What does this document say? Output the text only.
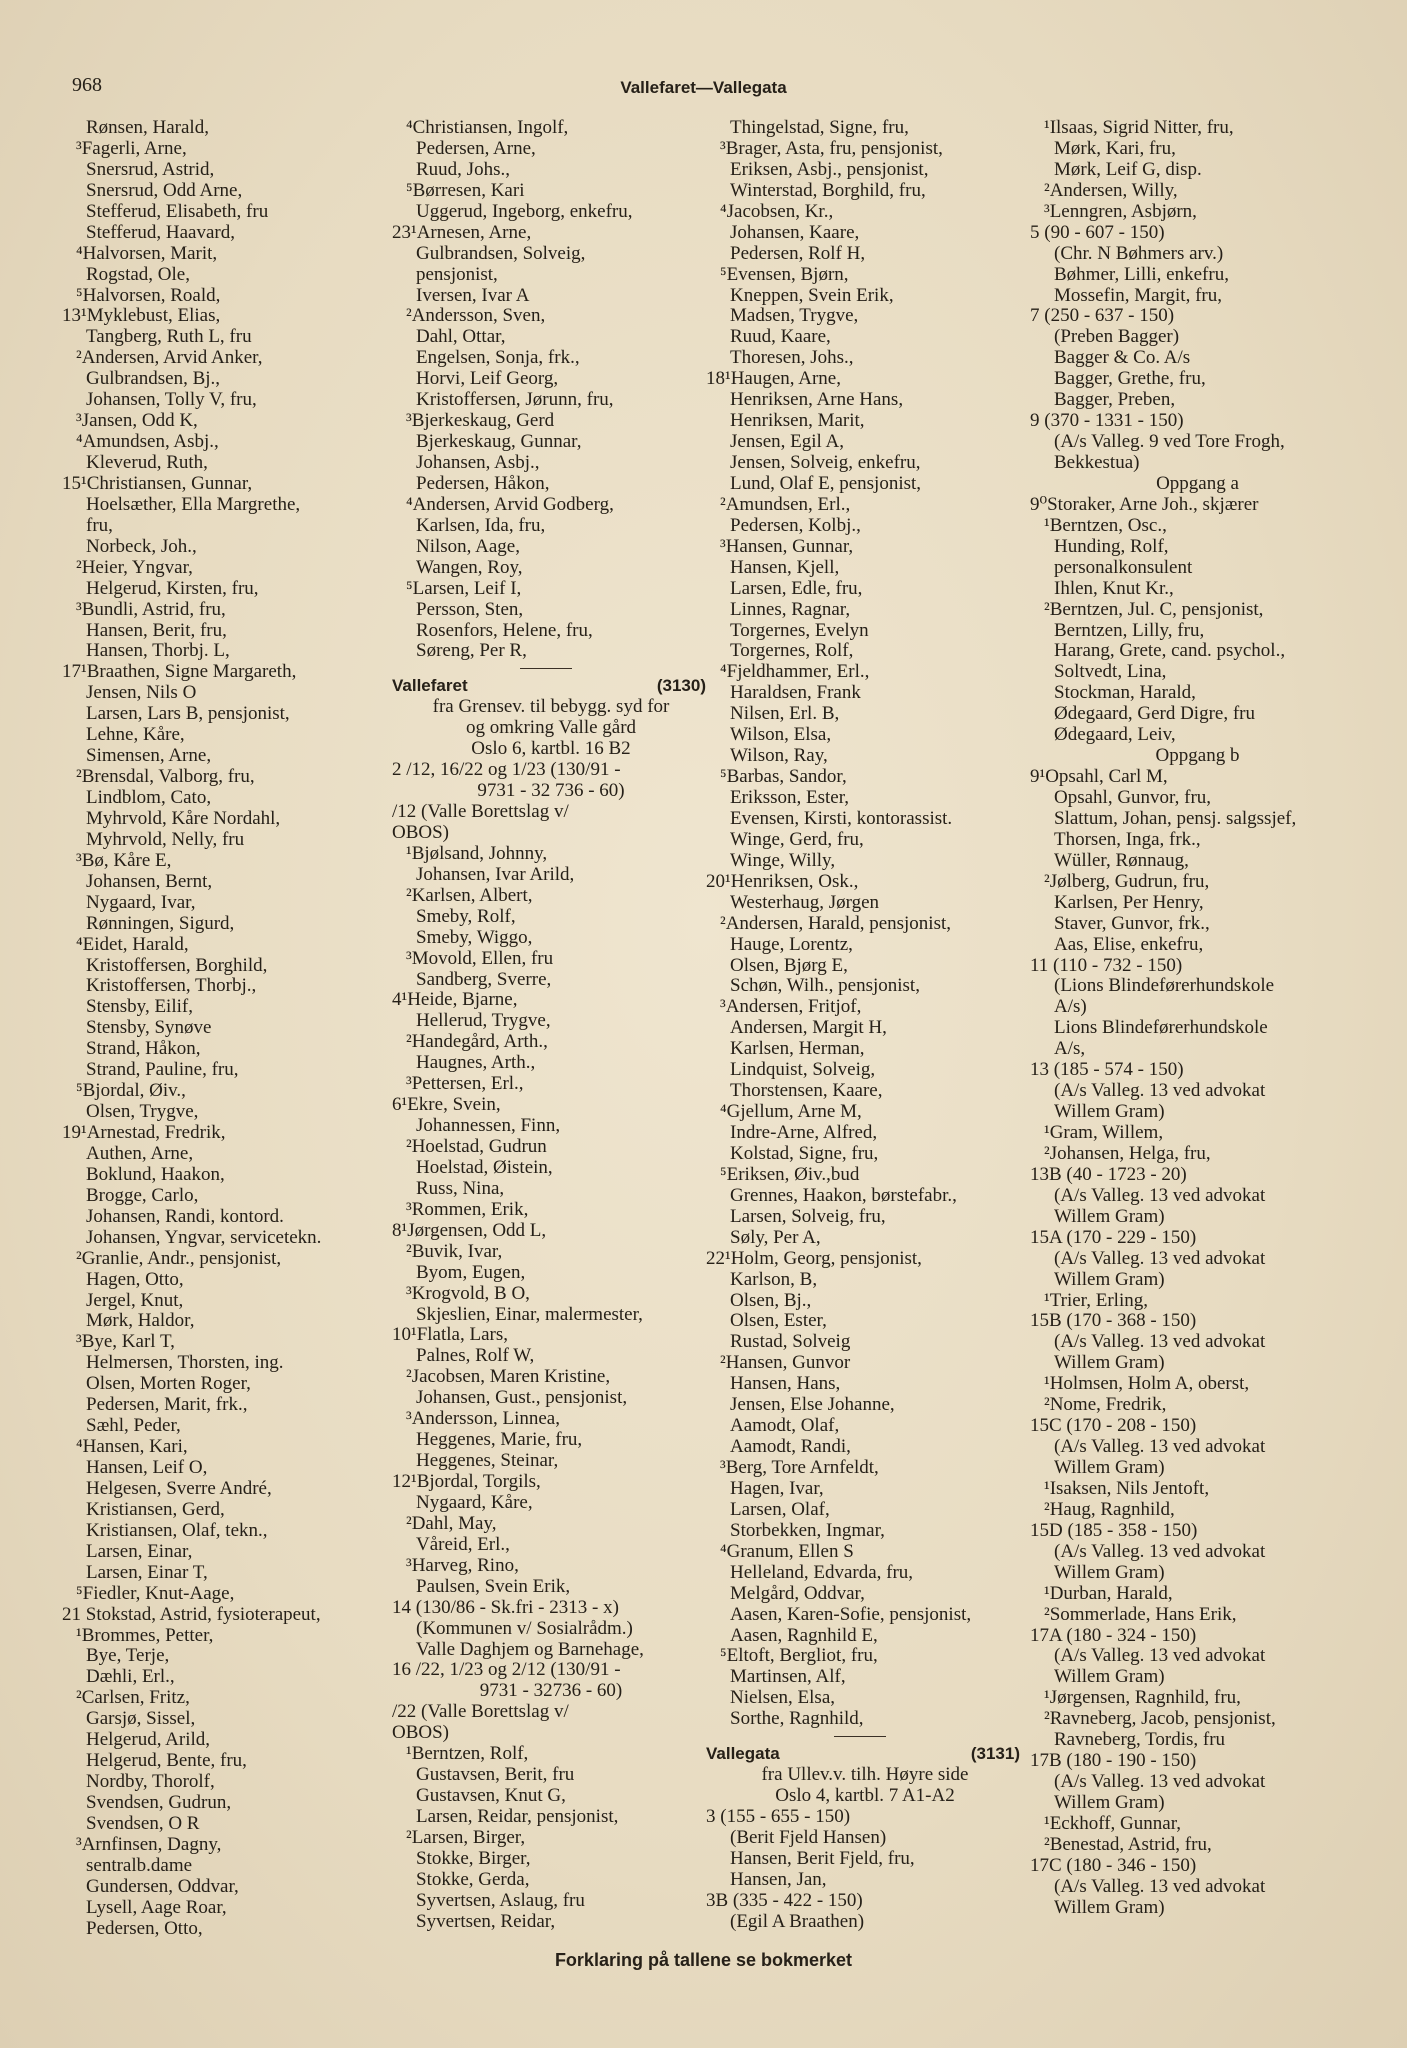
968	Vallefaret—Vallegata
Rønsen, Harald,
³Fagerli, Arne,
Snersrud, Astrid,
Snersrud, Odd Arne,
Stefferud, Elisabeth, fru
Stefferud, Haavard,
⁴Halvorsen, Marit,
Rogstad, Ole,
⁵Halvorsen, Roald,
13¹Myklebust, Elias,
Tangberg, Ruth L, fru
²Andersen, Arvid Anker,
Gulbrandsen, Bj.,
Johansen, Tolly V, fru,
³Jansen, Odd K,
⁴Amundsen, Asbj.,
Kleverud, Ruth,
15¹Christiansen, Gunnar,
Hoelsæther, Ella Margrethe,
fru,
Norbeck, Joh.,
²Heier, Yngvar,
Helgerud, Kirsten, fru,
³Bundli, Astrid, fru,
Hansen, Berit, fru,
Hansen, Thorbj. L,
17¹Braathen, Signe Margareth,
Jensen, Nils O
Larsen, Lars B, pensjonist,
Lehne, Kåre,
Simensen, Arne,
²Brensdal, Valborg, fru,
Lindblom, Cato,
Myhrvold, Kåre Nordahl,
Myhrvold, Nelly, fru
³Bø, Kåre E,
Johansen, Bernt,
Nygaard, Ivar,
Rønningen, Sigurd,
⁴Eidet, Harald,
Kristoffersen, Borghild,
Kristoffersen, Thorbj.,
Stensby, Eilif,
Stensby, Synøve
Strand, Håkon,
Strand, Pauline, fru,
⁵Bjordal, Øiv.,
Olsen, Trygve,
19¹Arnestad, Fredrik,
Authen, Arne,
Boklund, Haakon,
Brogge, Carlo,
Johansen, Randi, kontord.
Johansen, Yngvar, servicetekn.
²Granlie, Andr., pensjonist,
Hagen, Otto,
Jergel, Knut,
Mørk, Haldor,
³Bye, Karl T,
Helmersen, Thorsten, ing.
Olsen, Morten Roger,
Pedersen, Marit, frk.,
Sæhl, Peder,
⁴Hansen, Kari,
Hansen, Leif O,
Helgesen, Sverre André,
Kristiansen, Gerd,
Kristiansen, Olaf, tekn.,
Larsen, Einar,
Larsen, Einar T,
⁵Fiedler, Knut-Aage,
21 Stokstad, Astrid, fysioterapeut,
¹Brommes, Petter,
Bye, Terje,
Dæhli, Erl.,
²Carlsen, Fritz,
Garsjø, Sissel,
Helgerud, Arild,
Helgerud, Bente, fru,
Nordby, Thorolf,
Svendsen, Gudrun,
Svendsen, O R
³Arnfinsen, Dagny,
sentralb.dame
Gundersen, Oddvar,
Lysell, Aage Roar,
Pedersen, Otto,
⁴Christiansen, Ingolf,
Pedersen, Arne,
Ruud, Johs.,
⁵Børresen, Kari
Uggerud, Ingeborg, enkefru,
23¹Arnesen, Arne,
Gulbrandsen, Solveig,
pensjonist,
Iversen, Ivar A
²Andersson, Sven,
Dahl, Ottar,
Engelsen, Sonja, frk.,
Horvi, Leif Georg,
Kristoffersen, Jørunn, fru,
³Bjerkeskaug, Gerd
Bjerkeskaug, Gunnar,
Johansen, Asbj.,
Pedersen, Håkon,
⁴Andersen, Arvid Godberg,
Karlsen, Ida, fru,
Nilson, Aage,
Wangen, Roy,
⁵Larsen, Leif I,
Persson, Sten,
Rosenfors, Helene, fru,
Søreng, Per R,
Vallefaret	(3130)
fra Grensev. til bebygg. syd for
og omkring Valle gård
Oslo 6, kartbl. 16 B2
2 /12, 16/22 og 1/23 (130/91 -
9731 - 32 736 - 60)
/12 (Valle Borettslag v/
OBOS)
¹Bjølsand, Johnny,
Johansen, Ivar Arild,
²Karlsen, Albert,
Smeby, Rolf,
Smeby, Wiggo,
³Movold, Ellen, fru
Sandberg, Sverre,
4¹Heide, Bjarne,
Hellerud, Trygve,
²Handegård, Arth.,
Haugnes, Arth.,
³Pettersen, Erl.,
6¹Ekre, Svein,
Johannessen, Finn,
²Hoelstad, Gudrun
Hoelstad, Øistein,
Russ, Nina,
³Rommen, Erik,
8¹Jørgensen, Odd L,
²Buvik, Ivar,
Byom, Eugen,
³Krogvold, B O,
Skjeslien, Einar, malermester,
10¹Flatla, Lars,
Palnes, Rolf W,
²Jacobsen, Maren Kristine,
Johansen, Gust., pensjonist,
³Andersson, Linnea,
Heggenes, Marie, fru,
Heggenes, Steinar,
12¹Bjordal, Torgils,
Nygaard, Kåre,
²Dahl, May,
Våreid, Erl.,
³Harveg, Rino,
Paulsen, Svein Erik,
14 (130/86 - Sk.fri - 2313 - x)
(Kommunen v/ Sosialrådm.)
Valle Daghjem og Barnehage,
16 /22, 1/23 og 2/12 (130/91 -
9731 - 32736 - 60)
/22 (Valle Borettslag v/
OBOS)
¹Berntzen, Rolf,
Gustavsen, Berit, fru
Gustavsen, Knut G,
Larsen, Reidar, pensjonist,
²Larsen, Birger,
Stokke, Birger,
Stokke, Gerda,
Syvertsen, Aslaug, fru
Syvertsen, Reidar,
Thingelstad, Signe, fru,
³Brager, Asta, fru, pensjonist,
Eriksen, Asbj., pensjonist,
Winterstad, Borghild, fru,
⁴Jacobsen, Kr.,
Johansen, Kaare,
Pedersen, Rolf H,
⁵Evensen, Bjørn,
Kneppen, Svein Erik,
Madsen, Trygve,
Ruud, Kaare,
Thoresen, Johs.,
18¹Haugen, Arne,
Henriksen, Arne Hans,
Henriksen, Marit,
Jensen, Egil A,
Jensen, Solveig, enkefru,
Lund, Olaf E, pensjonist,
²Amundsen, Erl.,
Pedersen, Kolbj.,
³Hansen, Gunnar,
Hansen, Kjell,
Larsen, Edle, fru,
Linnes, Ragnar,
Torgernes, Evelyn
Torgernes, Rolf,
⁴Fjeldhammer, Erl.,
Haraldsen, Frank
Nilsen, Erl. B,
Wilson, Elsa,
Wilson, Ray,
⁵Barbas, Sandor,
Eriksson, Ester,
Evensen, Kirsti, kontorassist.
Winge, Gerd, fru,
Winge, Willy,
20¹Henriksen, Osk.,
Westerhaug, Jørgen
²Andersen, Harald, pensjonist,
Hauge, Lorentz,
Olsen, Bjørg E,
Schøn, Wilh., pensjonist,
³Andersen, Fritjof,
Andersen, Margit H,
Karlsen, Herman,
Lindquist, Solveig,
Thorstensen, Kaare,
⁴Gjellum, Arne M,
Indre-Arne, Alfred,
Kolstad, Signe, fru,
⁵Eriksen, Øiv.,bud
Grennes, Haakon, børstefabr.,
Larsen, Solveig, fru,
Søly, Per A,
22¹Holm, Georg, pensjonist,
Karlson, B,
Olsen, Bj.,
Olsen, Ester,
Rustad, Solveig
²Hansen, Gunvor
Hansen, Hans,
Jensen, Else Johanne,
Aamodt, Olaf,
Aamodt, Randi,
³Berg, Tore Arnfeldt,
Hagen, Ivar,
Larsen, Olaf,
Storbekken, Ingmar,
⁴Granum, Ellen S
Helleland, Edvarda, fru,
Melgård, Oddvar,
Aasen, Karen-Sofie, pensjonist,
Aasen, Ragnhild E,
⁵Eltoft, Bergliot, fru,
Martinsen, Alf,
Nielsen, Elsa,
Sorthe, Ragnhild,
Vallegata	(3131)
fra Ullev.v. tilh. Høyre side
Oslo 4, kartbl. 7 A1-A2
3 (155 - 655 - 150)
(Berit Fjeld Hansen)
Hansen, Berit Fjeld, fru,
Hansen, Jan,
3B (335 - 422 - 150)
(Egil A Braathen)
¹Ilsaas, Sigrid Nitter, fru,
Mørk, Kari, fru,
Mørk, Leif G, disp.
²Andersen, Willy,
³Lenngren, Asbjørn,
5 (90 - 607 - 150)
(Chr. N Bøhmers arv.)
Bøhmer, Lilli, enkefru,
Mossefin, Margit, fru,
7 (250 - 637 - 150)
(Preben Bagger)
Bagger & Co. A/s
Bagger, Grethe, fru,
Bagger, Preben,
9 (370 - 1331 - 150)
(A/s Valleg. 9 ved Tore Frogh,
Bekkestua)
Oppgang a
9⁰Storaker, Arne Joh., skjærer
¹Berntzen, Osc.,
Hunding, Rolf,
personalkonsulent
Ihlen, Knut Kr.,
²Berntzen, Jul. C, pensjonist,
Berntzen, Lilly, fru,
Harang, Grete, cand. psychol.,
Soltvedt, Lina,
Stockman, Harald,
Ødegaard, Gerd Digre, fru
Ødegaard, Leiv,
Oppgang b
9¹Opsahl, Carl M,
Opsahl, Gunvor, fru,
Slattum, Johan, pensj. salgssjef,
Thorsen, Inga, frk.,
Wüller, Rønnaug,
²Jølberg, Gudrun, fru,
Karlsen, Per Henry,
Staver, Gunvor, frk.,
Aas, Elise, enkefru,
11 (110 - 732 - 150)
(Lions Blindeførerhundskole
A/s)
Lions Blindeførerhundskole
A/s,
13 (185 - 574 - 150)
(A/s Valleg. 13 ved advokat
Willem Gram)
¹Gram, Willem,
²Johansen, Helga, fru,
13B (40 - 1723 - 20)
(A/s Valleg. 13 ved advokat
Willem Gram)
15A (170 - 229 - 150)
(A/s Valleg. 13 ved advokat
Willem Gram)
¹Trier, Erling,
15B (170 - 368 - 150)
(A/s Valleg. 13 ved advokat
Willem Gram)
¹Holmsen, Holm A, oberst,
²Nome, Fredrik,
15C (170 - 208 - 150)
(A/s Valleg. 13 ved advokat
Willem Gram)
¹Isaksen, Nils Jentoft,
²Haug, Ragnhild,
15D (185 - 358 - 150)
(A/s Valleg. 13 ved advokat
Willem Gram)
¹Durban, Harald,
²Sommerlade, Hans Erik,
17A (180 - 324 - 150)
(A/s Valleg. 13 ved advokat
Willem Gram)
¹Jørgensen, Ragnhild, fru,
²Ravneberg, Jacob, pensjonist,
Ravneberg, Tordis, fru
17B (180 - 190 - 150)
(A/s Valleg. 13 ved advokat
Willem Gram)
¹Eckhoff, Gunnar,
²Benestad, Astrid, fru,
17C (180 - 346 - 150)
(A/s Valleg. 13 ved advokat
Willem Gram)
Forklaring på tallene se bokmerket
